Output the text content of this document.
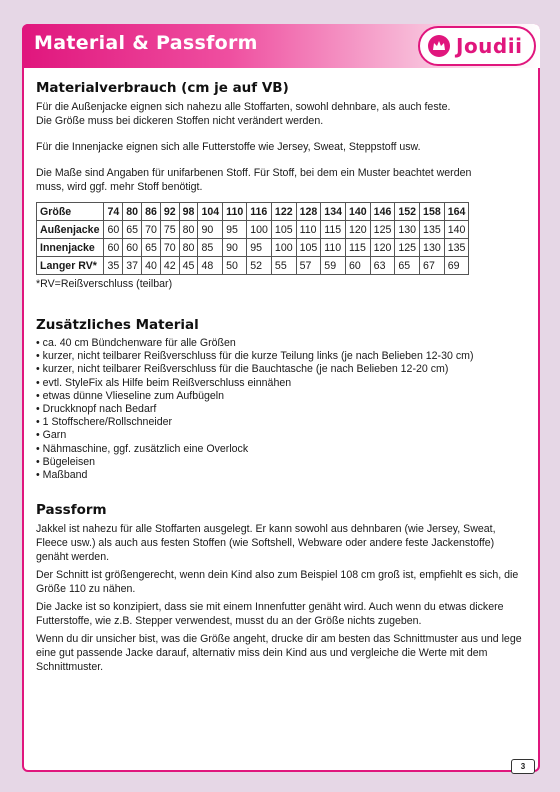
Material & Passform	Joudii
Materialverbrauch (cm je auf VB)

Für die Außenjacke eignen sich nahezu alle Stoffarten, sowohl dehnbare, als auch feste.

Die Größe muss bei dickeren Stoffen nicht verändert werden.

Für die Innenjacke eignen sich alle Futterstoffe wie Jersey, Sweat, Steppstoff usw.

Die Maße sind Angaben für unifarbenen Stoff. Für Stoff, bei dem ein Muster beachtet werden

muss, wird ggf. mehr Stoff benötigt.

Größe	74	80	86	92	98	104	110	116	122	128	134	140	146	152	158	164
Außenjacke	60	65	70	75	80	90	95	100	105	110	115	120	125	130	135	140
Innenjacke	60	60	65	70	80	85	90	95	100	105	110	115	120	125	130	135
Langer RV*	35	37	40	42	45	48	50	52	55	57	59	60	63	65	67	69

*RV=Reißverschluss (teilbar)

Zusätzliches Material
• ca. 40 cm Bündchenware für alle Größen
• kurzer, nicht teilbarer Reißverschluss für die kurze Teilung links (je nach Belieben 12-30 cm)
• kurzer, nicht teilbarer Reißverschluss für die Bauchtasche (je nach Belieben 12-20 cm)
• evtl. StyleFix als Hilfe beim Reißverschluss einnähen
• etwas dünne Vlieseline zum Aufbügeln
• Druckknopf nach Bedarf
• 1 Stoffschere/Rollschneider
• Garn
• Nähmaschine, ggf. zusätzlich eine Overlock
• Bügeleisen
• Maßband
Passform

Jakkel ist nahezu für alle Stoffarten ausgelegt. Er kann sowohl aus dehnbaren (wie Jersey, Sweat, Fleece usw.) als auch aus festen Stoffen (wie Softshell, Webware oder andere feste Jackenstoffe) genäht werden.

Der Schnitt ist größengerecht, wenn dein Kind also zum Beispiel 108 cm groß ist, empfiehlt es sich, die Größe 110 zu nähen.

Die Jacke ist so konzipiert, dass sie mit einem Innenfutter genäht wird. Auch wenn du etwas dickere Futterstoffe, wie z.B. Stepper verwendest, musst du an der Größe nichts zugeben.

Wenn du dir unsicher bist, was die Größe angeht, drucke dir am besten das Schnittmuster aus und lege eine gut passende Jacke darauf, alternativ miss dein Kind aus und vergleiche die Werte mit dem Schnittmuster.

3
